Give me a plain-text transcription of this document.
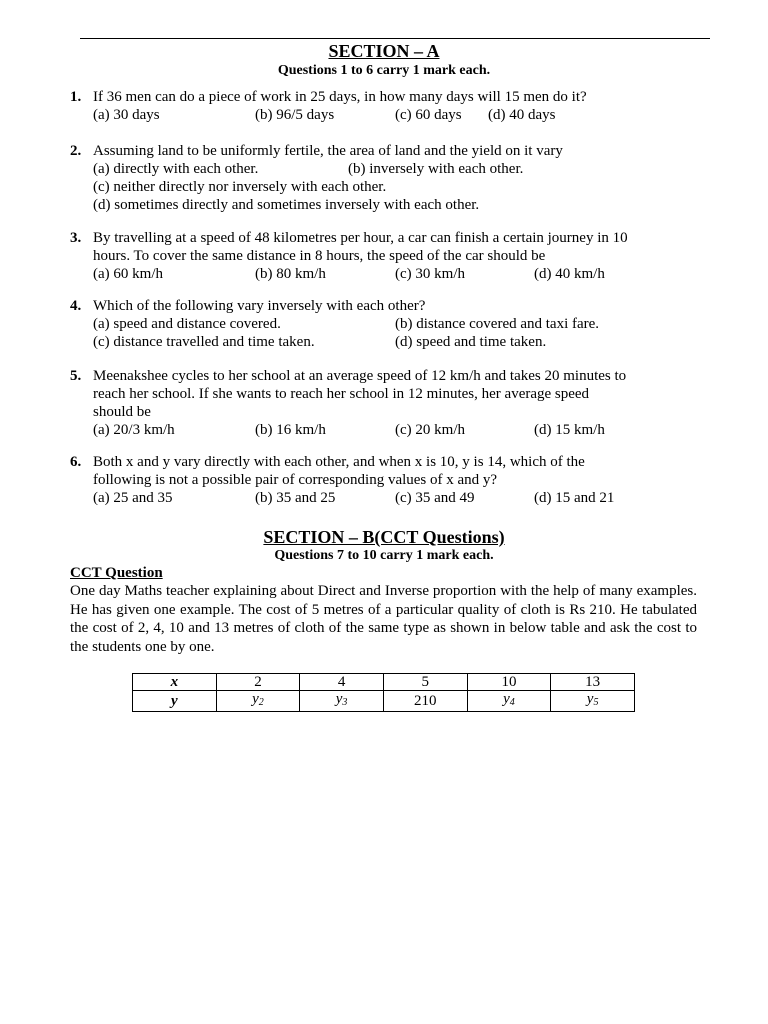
SECTION – A
Questions 1 to 6 carry 1 mark each.
1. If 36 men can do a piece of work in 25 days, in how many days will 15 men do it?
(a) 30 days	(b) 96/5 days	(c) 60 days (d) 40 days
2. Assuming land to be uniformly fertile, the area of land and the yield on it vary
(a) directly with each other.	(b) inversely with each other.
(c) neither directly nor inversely with each other.
(d) sometimes directly and sometimes inversely with each other.
3. By travelling at a speed of 48 kilometres per hour, a car can finish a certain journey in 10
hours. To cover the same distance in 8 hours, the speed of the car should be
(a) 60 km/h	(b) 80 km/h	(c) 30 km/h	(d) 40 km/h
4. Which of the following vary inversely with each other?
(a) speed and distance covered.	(b) distance covered and taxi fare.
(c) distance travelled and time taken.	(d) speed and time taken.
5. Meenakshee cycles to her school at an average speed of 12 km/h and takes 20 minutes to
reach her school. If she wants to reach her school in 12 minutes, her average speed
should be
(a) 20/3 km/h	(b) 16 km/h	(c) 20 km/h	(d) 15 km/h
6. Both x and y vary directly with each other, and when x is 10, y is 14, which of the
following is not a possible pair of corresponding values of x and y?
(a) 25 and 35	(b) 35 and 25	(c) 35 and 49	(d) 15 and 21
SECTION – B(CCT Questions)
Questions 7 to 10 carry 1 mark each.
CCT Question
One day Maths teacher explaining about Direct and Inverse proportion with the help of many examples. He has given one example. The cost of 5 metres of a particular quality of cloth is Rs 210. He tabulated the cost of 2, 4, 10 and 13 metres of cloth of the same type as shown in below table and ask the cost to the students one by one.
x	2	4	5	10	13
y	$y_2$	$y_3$	210	$y_4$	$y_5$
